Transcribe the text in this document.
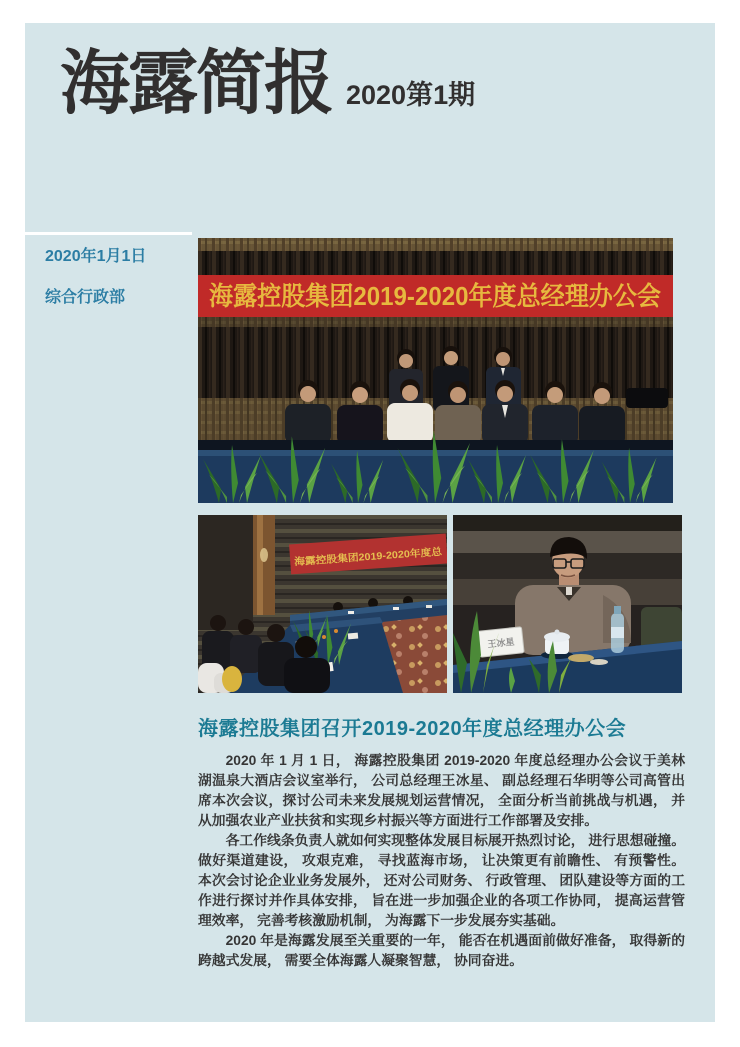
海露简报 2020第1期
2020年1月1日
综合行政部	海露控股集团2019-2020年度总经理办公会
海露控股集团2019-2020年度总
王冰星
海露控股集团召开2019-2020年度总经理办公会

2020 年 1 月 1 日， 海露控股集团 2019-2020 年度总经理办公会议于美林湖温泉大酒店会议室举行， 公司总经理王冰星、 副总经理石华明等公司高管出席本次会议，探讨公司未来发展规划运营情况， 全面分析当前挑战与机遇， 并从加强农业产业扶贫和实现乡村振兴等方面进行工作部署及安排。

各工作线条负责人就如何实现整体发展目标展开热烈讨论， 进行思想碰撞。 做好渠道建设， 攻艰克难， 寻找蓝海市场， 让决策更有前瞻性、 有预警性。 本次会讨论企业业务发展外， 还对公司财务、 行政管理、 团队建设等方面的工作进行探讨并作具体安排， 旨在进一步加强企业的各项工作协同， 提高运营管理效率， 完善考核激励机制， 为海露下一步发展夯实基础。

2020 年是海露发展至关重要的一年， 能否在机遇面前做好准备， 取得新的跨越式发展， 需要全体海露人凝聚智慧， 协同奋进。
